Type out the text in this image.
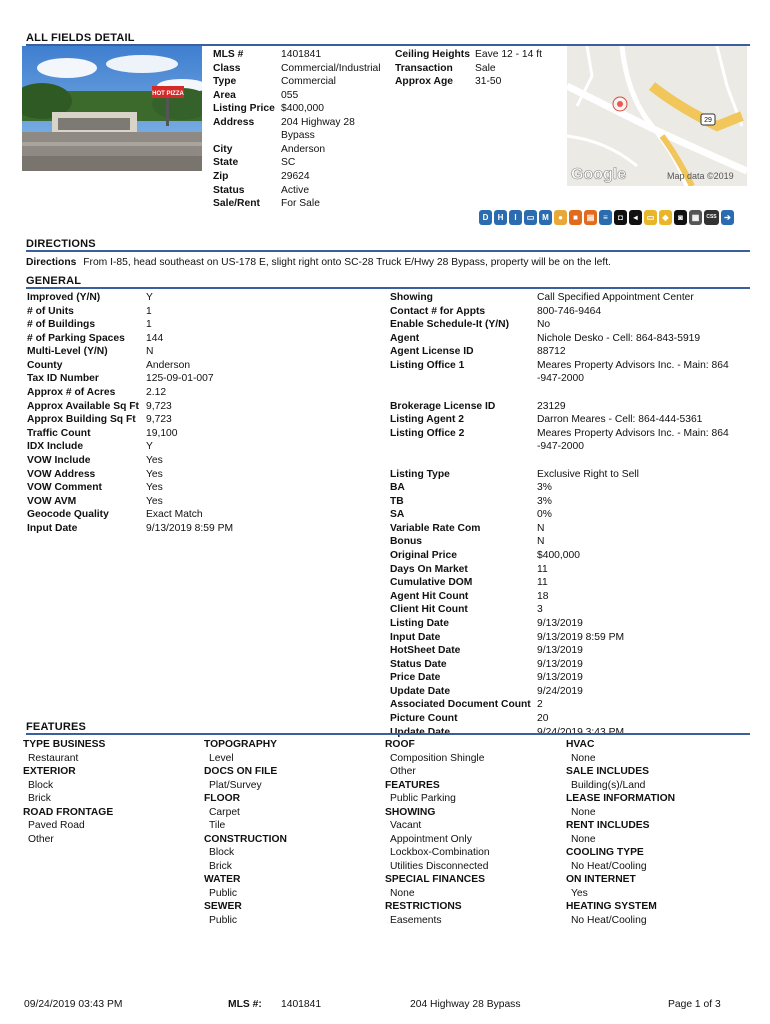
ALL FIELDS DETAIL
HOT PIZZA
MLS #	1401841
Class	Commercial/Industrial
Type	Commercial
Area	055
Listing Price $400,000
Address	204 Highway 28
Bypass
City	Anderson
State	SC
Zip	29624
Status	Active
Sale/Rent For Sale
Ceiling Heights Eave 12 - 14 ft
Transaction Sale
Approx Age 31-50
29
Google	Map data ©2019
D	H	I	▭ M	●	■	▤	≡	◘	◂	▭	◆	◙	▦	CSS ➔
DIRECTIONS
Directions From I-85, head southeast on US-178 E, slight right onto SC-28 Truck E/Hwy 28 Bypass, property will be on the left.
GENERAL
Improved (Y/N)	Y
# of Units	1
# of Buildings	1
# of Parking Spaces 144
Multi-Level (Y/N)	N
County	Anderson
Tax ID Number	125-09-01-007
Approx # of Acres	2.12
Approx Available Sq Ft 9,723
Approx Building Sq Ft 9,723
Traffic Count	19,100
IDX Include	Y
VOW Include	Yes
VOW Address	Yes
VOW Comment	Yes
VOW AVM	Yes
Geocode Quality	Exact Match
Input Date	9/13/2019 8:59 PM
Showing	Call Specified Appointment Center
Contact # for Appts	800-746-9464
Enable Schedule-It (Y/N)	No
Agent	Nichole Desko - Cell: 864-843-5919
Agent License ID	88712
Listing Office 1	Meares Property Advisors Inc. - Main: 864
-947-2000
Brokerage License ID	23129
Listing Agent 2	Darron Meares - Cell: 864-444-5361
Listing Office 2	Meares Property Advisors Inc. - Main: 864
-947-2000
Listing Type	Exclusive Right to Sell
BA	3%
TB	3%
SA	0%
Variable Rate Com	N
Bonus	N
Original Price	$400,000
Days On Market	11
Cumulative DOM	11
Agent Hit Count	18
Client Hit Count	3
Listing Date	9/13/2019
Input Date	9/13/2019 8:59 PM
HotSheet Date	9/13/2019
Status Date	9/13/2019
Price Date	9/13/2019
Update Date	9/24/2019
Associated Document Count 2
Picture Count	20
FEATURES
TYPE BUSINESS
Restaurant
EXTERIOR
Block
Brick
ROAD FRONTAGE
Paved Road
Other
TOPOGRAPHY
Level
DOCS ON FILE
Plat/Survey
FLOOR
Carpet
Tile
CONSTRUCTION
Block
Brick
WATER
Public
SEWER
Public
ROOF
Composition Shingle
Other
FEATURES
Public Parking
SHOWING
Vacant
Appointment Only
Lockbox-Combination
Utilities Disconnected
SPECIAL FINANCES
None
RESTRICTIONS
Easements
HVAC
None
SALE INCLUDES
Building(s)/Land
LEASE INFORMATION
None
RENT INCLUDES
None
COOLING TYPE
No Heat/Cooling
ON INTERNET
Yes
HEATING SYSTEM
No Heat/Cooling
09/24/2019 03:43 PM	MLS #: 1401841	204 Highway 28 Bypass	Page 1 of 3
